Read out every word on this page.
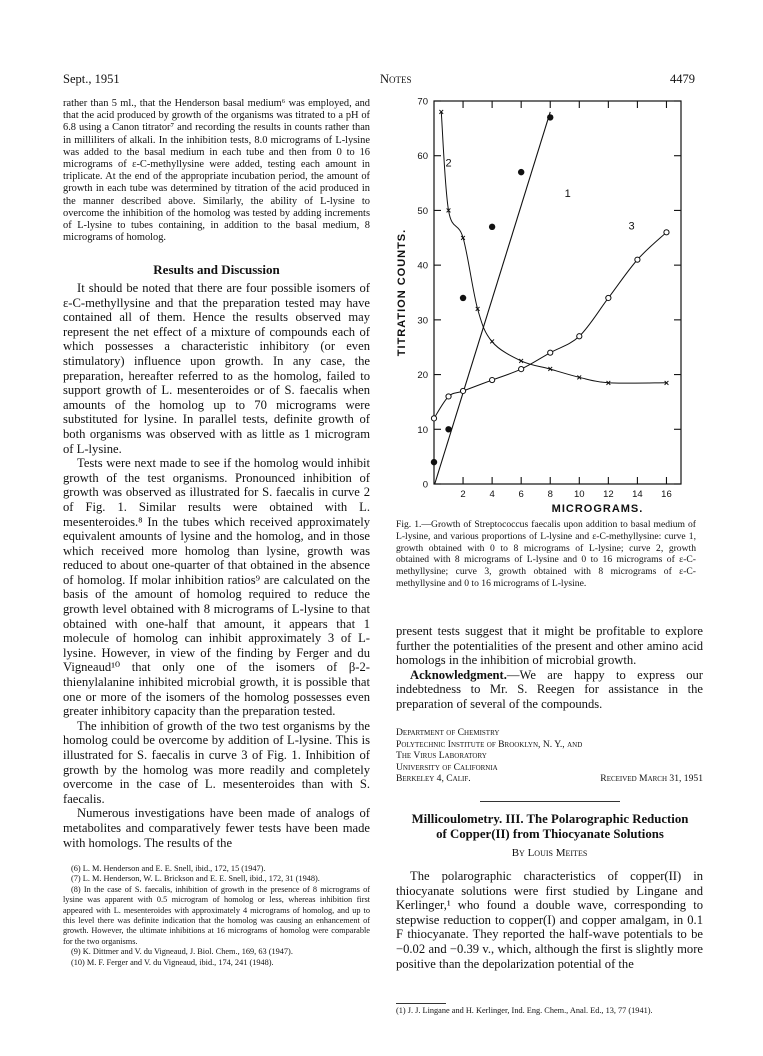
Sept., 1951	Notes	4479

rather than 5 ml., that the Henderson basal medium⁶ was employed, and that the acid produced by growth of the organisms was titrated to a pH of 6.8 using a Canon titrator⁷ and recording the results in counts rather than in milliliters of alkali. In the inhibition tests, 8.0 micrograms of L-lysine was added to the basal medium in each tube and then from 0 to 16 micrograms of ε-C-methyllysine were added, testing each amount in triplicate. At the end of the appropriate incubation period, the amount of growth in each tube was determined by titration of the acid produced in the manner described above. Similarly, the ability of L-lysine to overcome the inhibition of the homolog was tested by adding increments of L-lysine to tubes containing, in addition to the basal medium, 8 micrograms of homolog.

Results and Discussion

It should be noted that there are four possible isomers of ε-C-methyllysine and that the preparation tested may have contained all of them. Hence the results observed may represent the net effect of a mixture of compounds each of which possesses a characteristic inhibitory (or even stimulatory) influence upon growth. In any case, the preparation, hereafter referred to as the homolog, failed to support growth of L. mesenteroides or of S. faecalis when amounts of the homolog up to 70 micrograms were substituted for lysine. In parallel tests, definite growth of both organisms was observed with as little as 1 microgram of L-lysine.

Tests were next made to see if the homolog would inhibit growth of the test organisms. Pronounced inhibition of growth was observed as illustrated for S. faecalis in curve 2 of Fig. 1. Similar results were obtained with L. mesenteroides.⁸ In the tubes which received approximately equivalent amounts of lysine and the homolog, and in those which received more homolog than lysine, growth was reduced to about one-quarter of that obtained in the absence of homolog. If molar inhibition ratios⁹ are calculated on the basis of the amount of homolog required to reduce the growth level obtained with 8 micrograms of L-lysine to that obtained with one-half that amount, it appears that 1 molecule of homolog can inhibit approximately 3 of L-lysine. However, in view of the finding by Ferger and du Vigneaud¹⁰ that only one of the isomers of β-2-thienylalanine inhibited microbial growth, it is possible that one or more of the isomers of the homolog possesses even greater inhibitory capacity than the preparation tested.

The inhibition of growth of the two test organisms by the homolog could be overcome by addition of L-lysine. This is illustrated for S. faecalis in curve 3 of Fig. 1. Inhibition of growth by the homolog was more readily and completely overcome in the case of L. mesenteroides than with S. faecalis.

Numerous investigations have been made of analogs of metabolites and comparatively fewer tests have been made with homologs. The results of the

(6) L. M. Henderson and E. E. Snell, ibid., 172, 15 (1947).

(7) L. M. Henderson, W. L. Brickson and E. E. Snell, ibid., 172, 31 (1948).

(8) In the case of S. faecalis, inhibition of growth in the presence of 8 micrograms of lysine was apparent with 0.5 microgram of homolog or less, whereas inhibition first appeared with L. mesenteroides with approximately 4 micrograms of homolog, and up to this level there was definite indication that the homolog was causing an enhancement of growth. However, the ultimate inhibitions at 16 micrograms of homolog were comparable for the two organisms.

(9) K. Dittmer and V. du Vigneaud, J. Biol. Chem., 169, 63 (1947).

(10) M. F. Ferger and V. du Vigneaud, ibid., 174, 241 (1948).

0
10
20
30
40
50
60
70
2	4	6	8 10 12 14 16
MICROGRAMS.
TITRATION COUNTS.
×
×
×
×
×
×
×
×
×	×
1
2
3
Fig. 1.—Growth of Streptococcus faecalis upon addition to basal medium of L-lysine, and various proportions of L-lysine and ε-C-methyllysine: curve 1, growth obtained with 0 to 8 micrograms of L-lysine; curve 2, growth obtained with 8 micrograms of L-lysine and 0 to 16 micrograms of ε-C-methyllysine; curve 3, growth obtained with 8 micrograms of ε-C-methyllysine and 0 to 16 micrograms of L-lysine.

present tests suggest that it might be profitable to explore further the potentialities of the present and other amino acid homologs in the inhibition of microbial growth.

Acknowledgment.—We are happy to express our indebtedness to Mr. S. Reegen for assistance in the preparation of several of the compounds.

Department of Chemistry
Polytechnic Institute of Brooklyn, N. Y., and
The Virus Laboratory
University of California
Berkeley 4, Calif.	Received March 31, 1951
Millicoulometry. III. The Polarographic Reduction of Copper(II) from Thiocyanate Solutions
By Louis Meites

The polarographic characteristics of copper(II) in thiocyanate solutions were first studied by Lingane and Kerlinger,¹ who found a double wave, corresponding to stepwise reduction to copper(I) and copper amalgam, in 0.1 F thiocyanate. They reported the half-wave potentials to be −0.02 and −0.39 v., which, although the first is slightly more positive than the depolarization potential of the

(1) J. J. Lingane and H. Kerlinger, Ind. Eng. Chem., Anal. Ed., 13, 77 (1941).
